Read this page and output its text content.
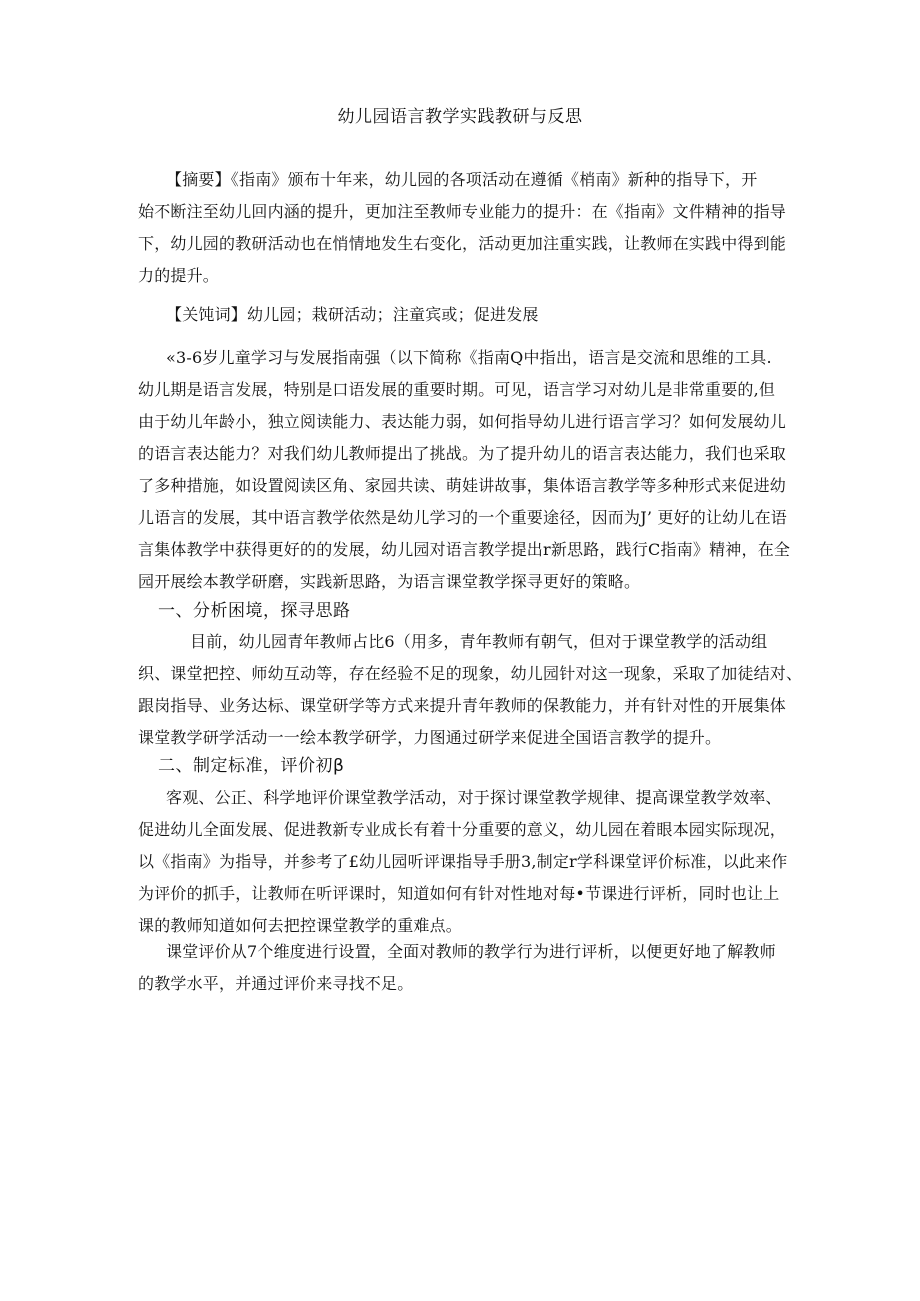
幼儿园语言教学实践教研与反思
【摘要】《指南》颁布十年来，幼儿园的各项活动在遵循《梢南》新种的指导下，开
始不断注至幼儿回内涵的提升，更加注至教师专业能力的提升：在《指南》文件精神的指导
下，幼儿园的教研活动也在悄情地发生右变化，活动更加注重实践，让教师在实践中得到能
力的提升。
【关饨词】幼儿园；栽研活动；注童宾或；促进发展
«3-6岁儿童学习与发展指南强（以下简称《指南Q中指出，语言是交流和思维的工具.
幼儿期是语言发展，特别是口语发展的重要时期。可见，语言学习对幼儿是非常重要的,但
由于幼儿年龄小，独立阅读能力、表达能力弱，如何指导幼儿进行语言学习？如何发展幼儿
的语言表达能力？对我们幼儿教师提出了挑战。为了提升幼儿的语言表达能力，我们也采取
了多种措施，如设置阅读区角、家园共读、萌娃讲故事，集体语言教学等多种形式来促进幼
儿语言的发展，其中语言教学依然是幼儿学习的一个重要途径，因而为J’ 更好的让幼儿在语
言集体教学中获得更好的的发展，幼儿园对语言教学提出r新思路，践行C指南》精神，在全
园开展绘本教学研磨，实践新思路，为语言课堂教学探寻更好的策略。
一、分析困境，探寻思路
目前，幼儿园青年教师占比6（用多，青年教师有朝气，但对于课堂教学的活动组
织、课堂把控、师幼互动等，存在经验不足的现象，幼儿园针对这一现象，采取了加徒结对、
跟岗指导、业务达标、课堂研学等方式来提升青年教师的保教能力，并有针对性的开展集体
课堂教学研学活动一一绘本教学研学，力图通过研学来促进全国语言教学的提升。
二、制定标准，评价初β
客观、公正、科学地评价课堂教学活动，对于探讨课堂教学规律、提高课堂教学效率、
促进幼儿全面发展、促进教新专业成长有着十分重要的意义，幼儿园在着眼本园实际现况，
以《指南》为指导，并参考了£幼儿园听评课指导手册3,制定r学科课堂评价标准，以此来作
为评价的抓手，让教师在听评课时，知道如何有针对性地对每•节课进行评析，同时也让上
课的教师知道如何去把控课堂教学的重难点。
课堂评价从7个维度进行设置，全面对教师的教学行为进行评析，以便更好地了解教师
的教学水平，并通过评价来寻找不足。
